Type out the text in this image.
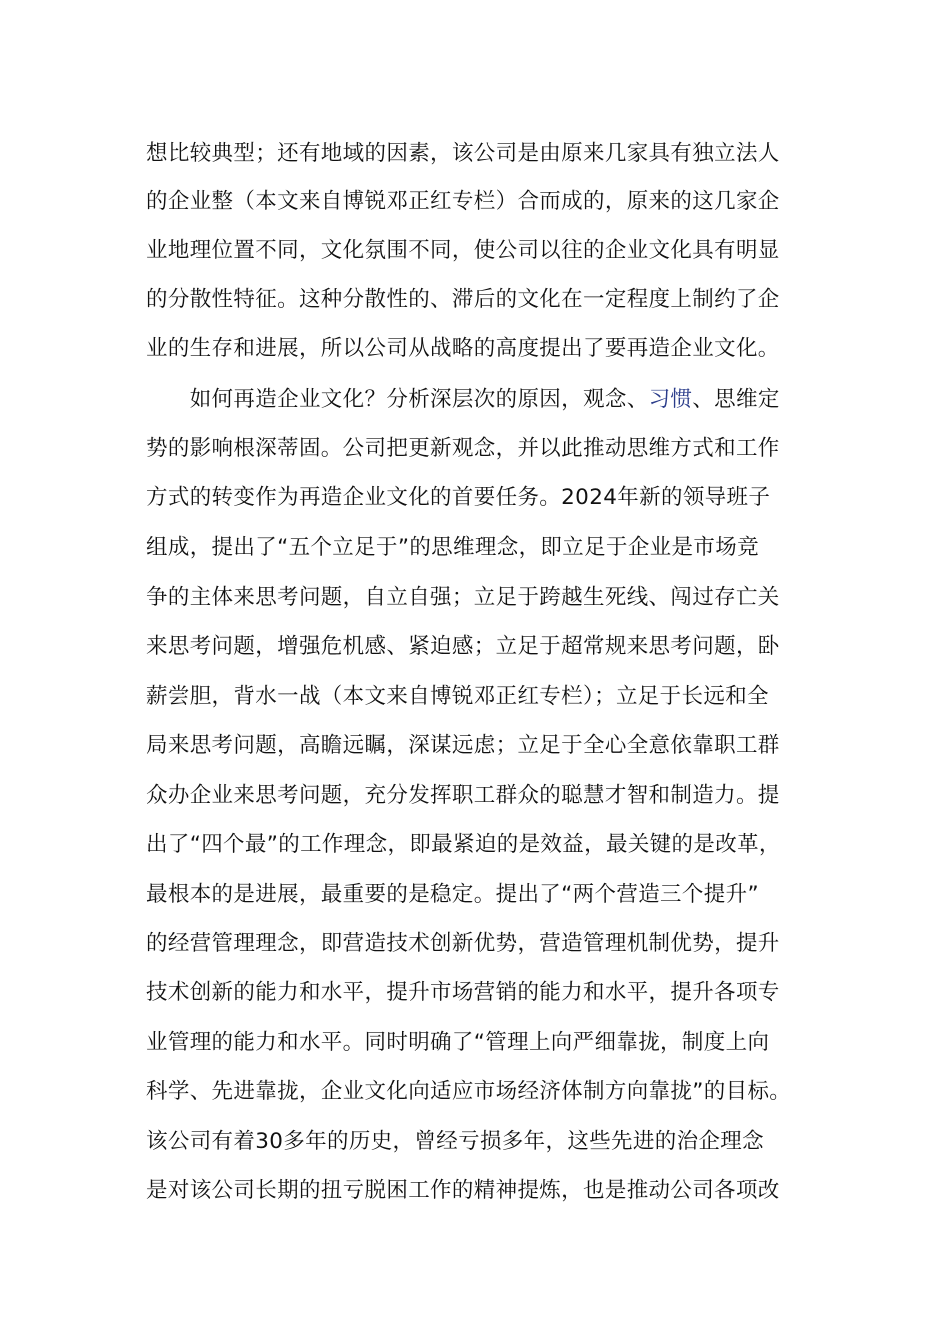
想比较典型；还有地域的因素，该公司是由原来几家具有独立法人
的企业整（本文来自博锐邓正红专栏）合而成的，原来的这几家企
业地理位置不同，文化氛围不同，使公司以往的企业文化具有明显
的分散性特征。这种分散性的、滞后的文化在一定程度上制约了企
业的生存和进展，所以公司从战略的高度提出了要再造企业文化。
　　如何再造企业文化？分析深层次的原因，观念、习惯、思维定
势的影响根深蒂固。公司把更新观念，并以此推动思维方式和工作
方式的转变作为再造企业文化的首要任务。2024年新的领导班子
组成，提出了“五个立足于”的思维理念，即立足于企业是市场竞
争的主体来思考问题，自立自强；立足于跨越生死线、闯过存亡关
来思考问题，增强危机感、紧迫感；立足于超常规来思考问题，卧
薪尝胆，背水一战（本文来自博锐邓正红专栏）；立足于长远和全
局来思考问题，高瞻远瞩，深谋远虑；立足于全心全意依靠职工群
众办企业来思考问题，充分发挥职工群众的聪慧才智和制造力。提
出了“四个最”的工作理念，即最紧迫的是效益，最关键的是改革，
最根本的是进展，最重要的是稳定。提出了“两个营造三个提升”
的经营管理理念，即营造技术创新优势，营造管理机制优势，提升
技术创新的能力和水平，提升市场营销的能力和水平，提升各项专
业管理的能力和水平。同时明确了“管理上向严细靠拢，制度上向
科学、先进靠拢，企业文化向适应市场经济体制方向靠拢”的目标。
该公司有着30多年的历史，曾经亏损多年，这些先进的治企理念
是对该公司长期的扭亏脱困工作的精神提炼，也是推动公司各项改
